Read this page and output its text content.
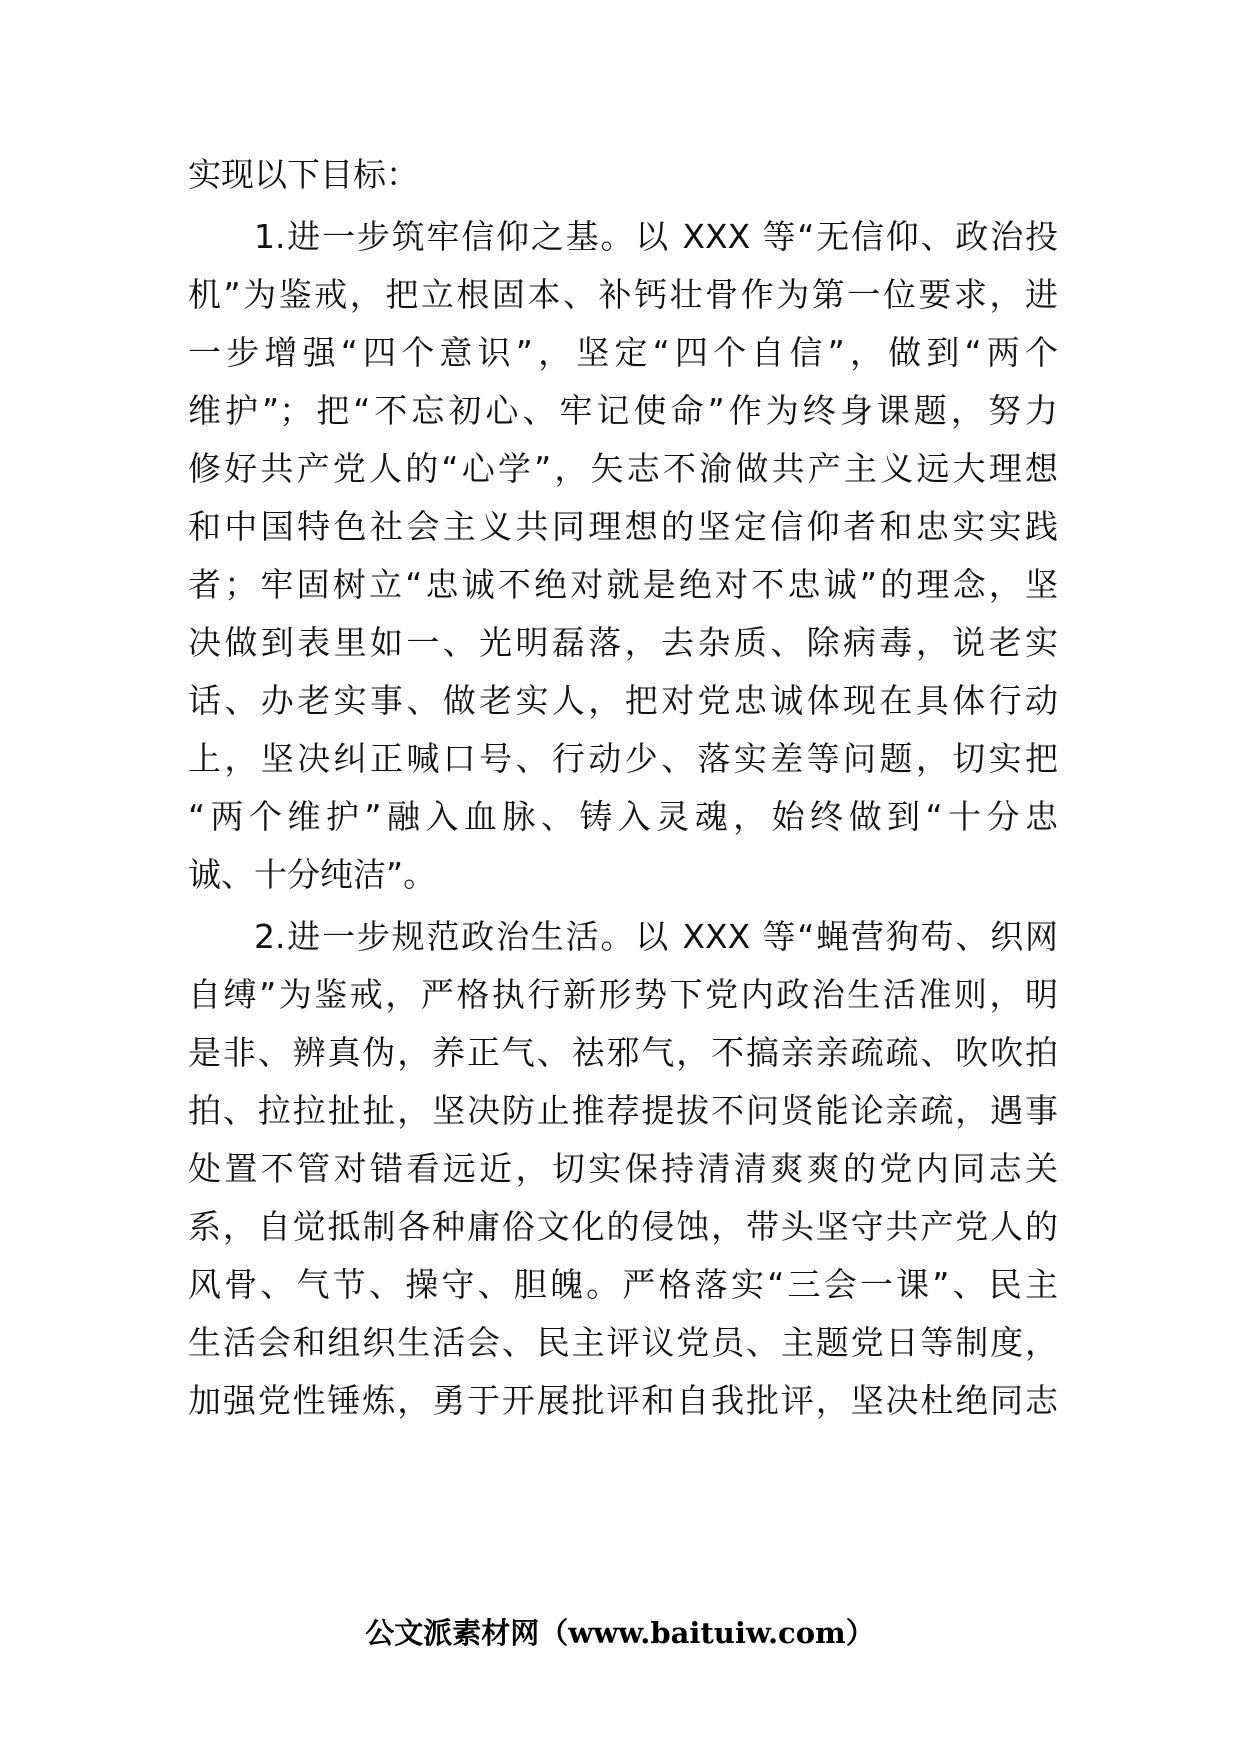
实现以下目标：
1.进一步筑牢信仰之基。以 XXX 等“无信仰、政治投
机”为鉴戒，把立根固本、补钙壮骨作为第一位要求，进
一步增强“四个意识”，坚定“四个自信”，做到“两个
维护”；把“不忘初心、牢记使命”作为终身课题，努力
修好共产党人的“心学”，矢志不渝做共产主义远大理想
和中国特色社会主义共同理想的坚定信仰者和忠实实践
者；牢固树立“忠诚不绝对就是绝对不忠诚”的理念，坚
决做到表里如一、光明磊落，去杂质、除病毒，说老实
话、办老实事、做老实人，把对党忠诚体现在具体行动
上，坚决纠正喊口号、行动少、落实差等问题，切实把
“两个维护”融入血脉、铸入灵魂，始终做到“十分忠
诚、十分纯洁”。
2.进一步规范政治生活。以 XXX 等“蝇营狗苟、织网
自缚”为鉴戒，严格执行新形势下党内政治生活准则，明
是非、辨真伪，养正气、祛邪气，不搞亲亲疏疏、吹吹拍
拍、拉拉扯扯，坚决防止推荐提拔不问贤能论亲疏，遇事
处置不管对错看远近，切实保持清清爽爽的党内同志关
系，自觉抵制各种庸俗文化的侵蚀，带头坚守共产党人的
风骨、气节、操守、胆魄。严格落实“三会一课”、民主
生活会和组织生活会、民主评议党员、主题党日等制度，
加强党性锤炼，勇于开展批评和自我批评，坚决杜绝同志
公文派素材网（www.baituiw.com）
